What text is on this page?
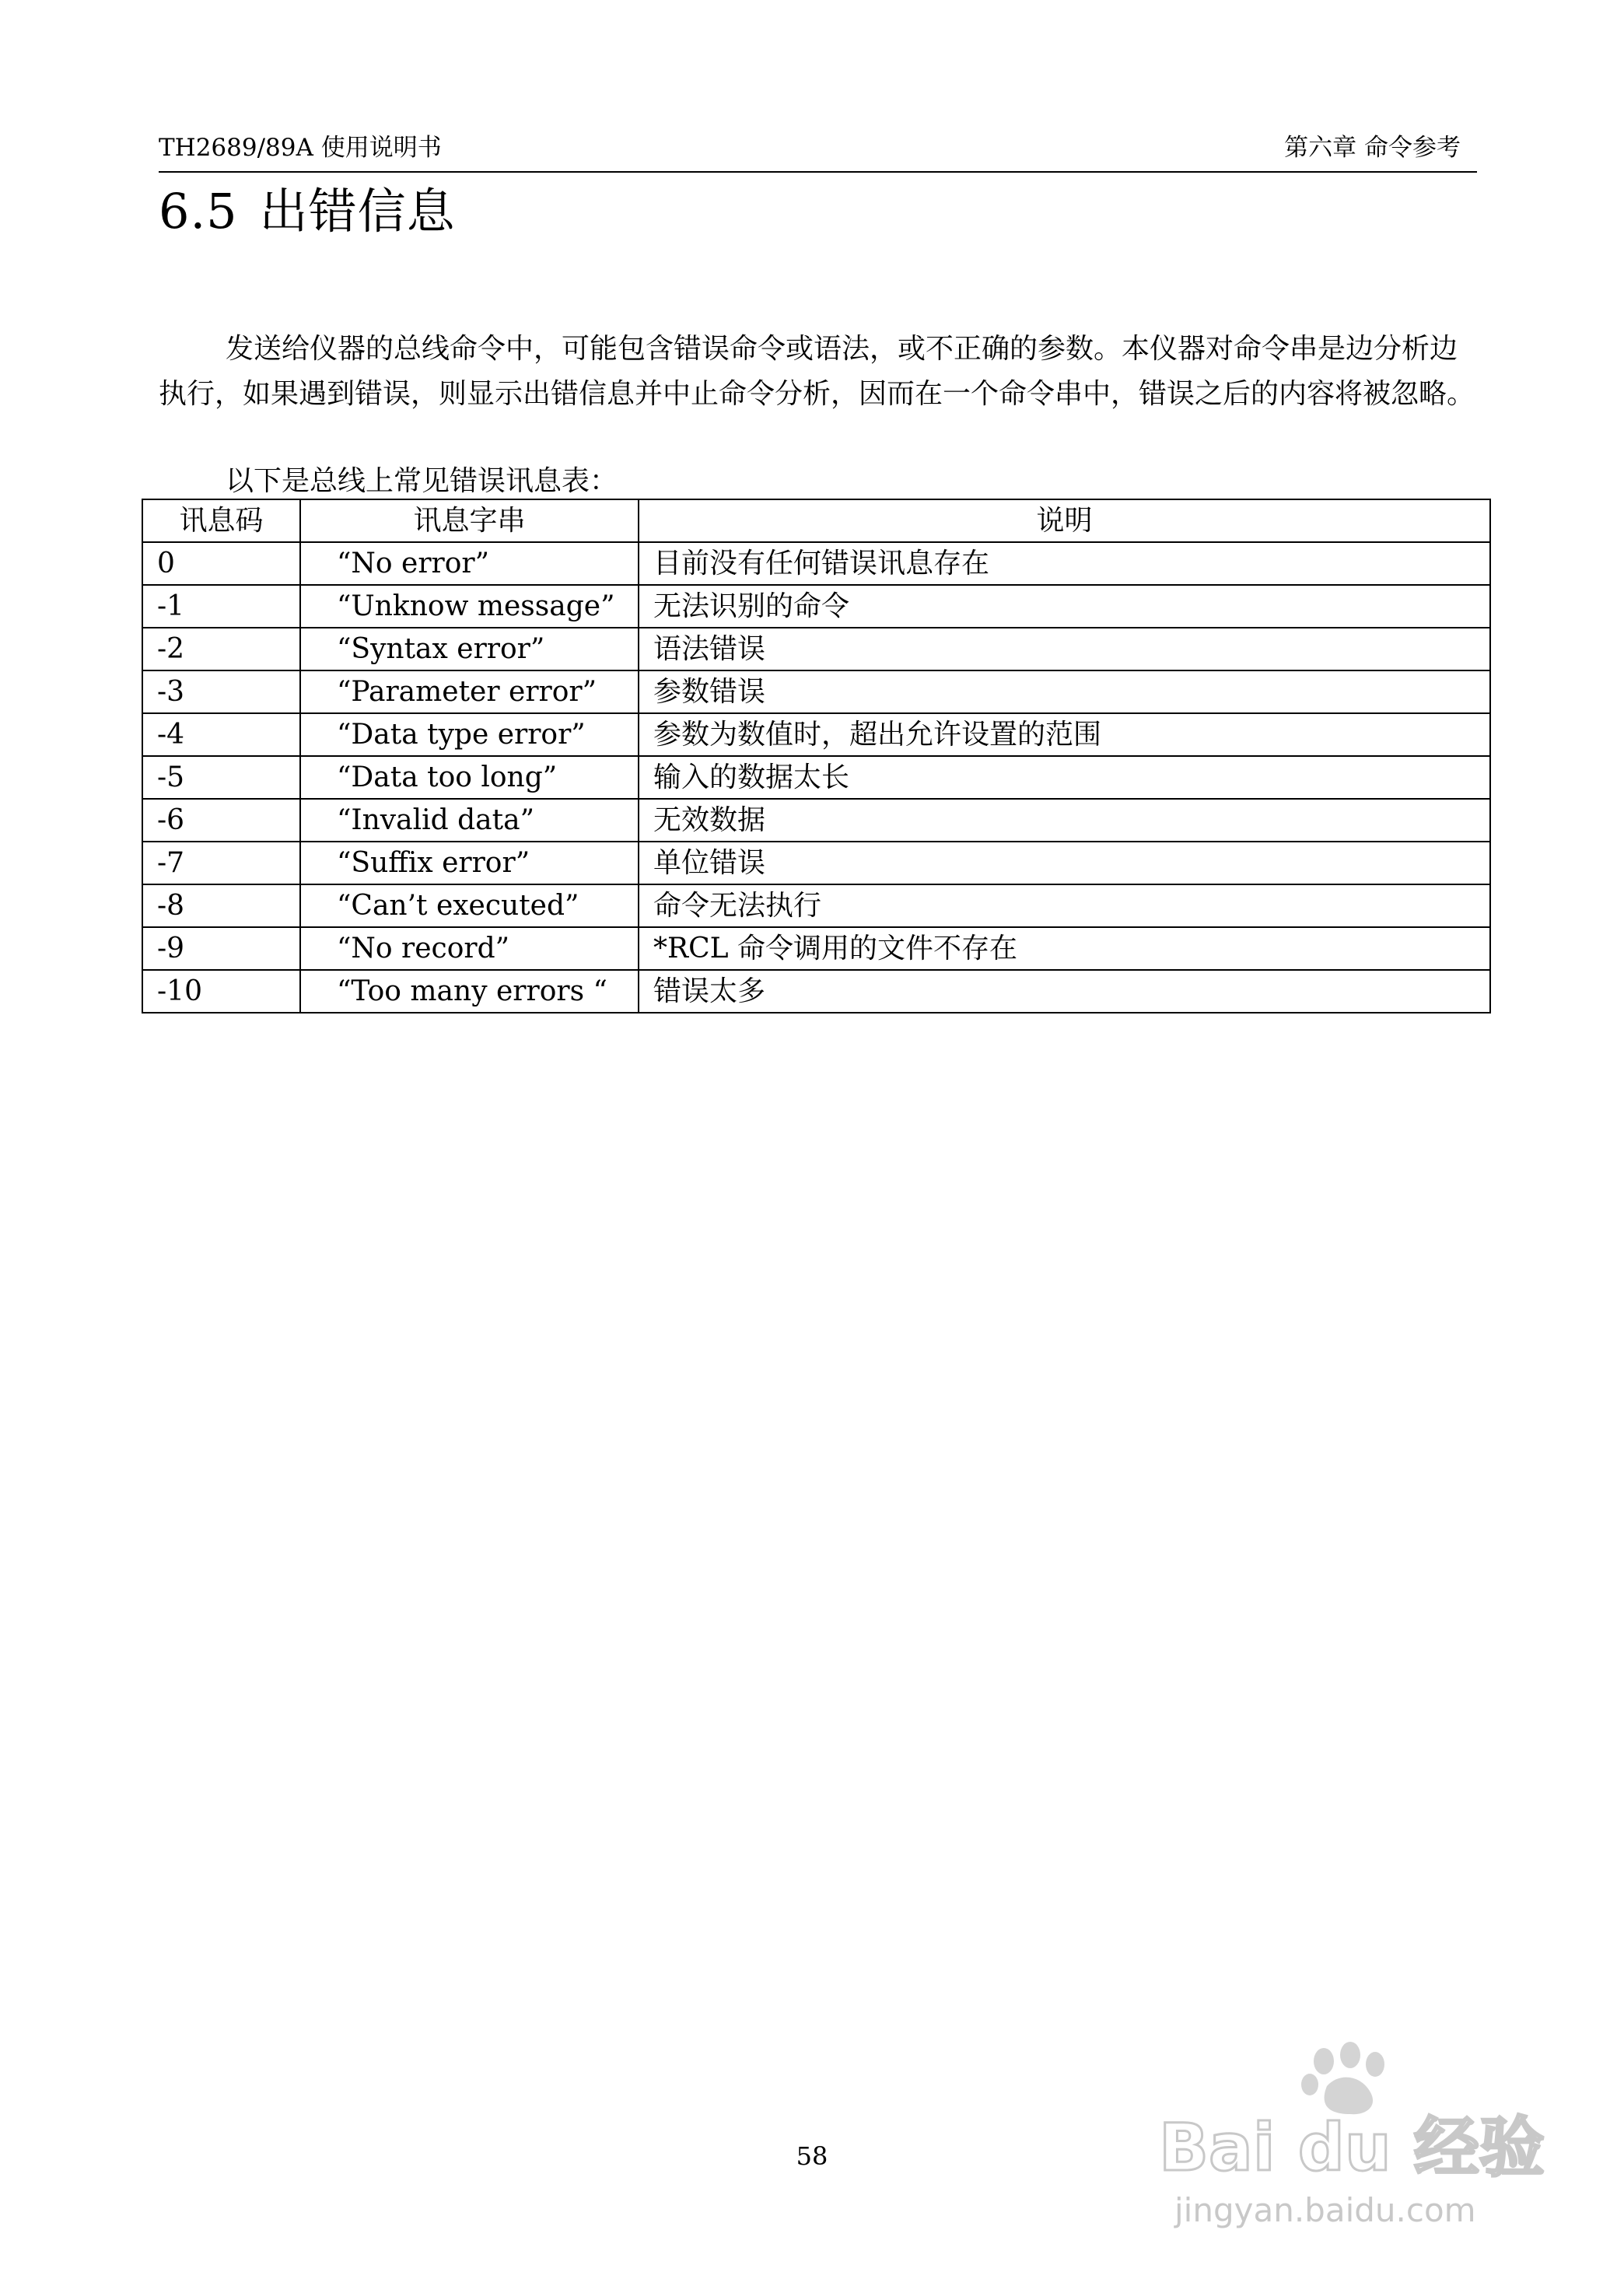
TH2689/89A 使用说明书	第六章 命令参考
6.5 出错信息

发送给仪器的总线命令中，可能包含错误命令或语法，或不正确的参数。本仪器对命令串是边分析边执行，如果遇到错误，则显示出错信息并中止命令分析，因而在一个命令串中，错误之后的内容将被忽略。

以下是总线上常见错误讯息表：

讯息码	讯息字串	说明
0	“No error”	目前没有任何错误讯息存在
-1	“Unknow message”	无法识别的命令
-2	“Syntax error”	语法错误
-3	“Parameter error”	参数错误
-4	“Data type error”	参数为数值时，超出允许设置的范围
-5	“Data too long”	输入的数据太长
-6	“Invalid data”	无效数据
-7	“Suffix error”	单位错误
-8	“Can’t executed”	命令无法执行
-9	“No record”	*RCL 命令调用的文件不存在
-10	“Too many errors “	错误太多
58	Bai du 经验
jingyan.baidu.com
